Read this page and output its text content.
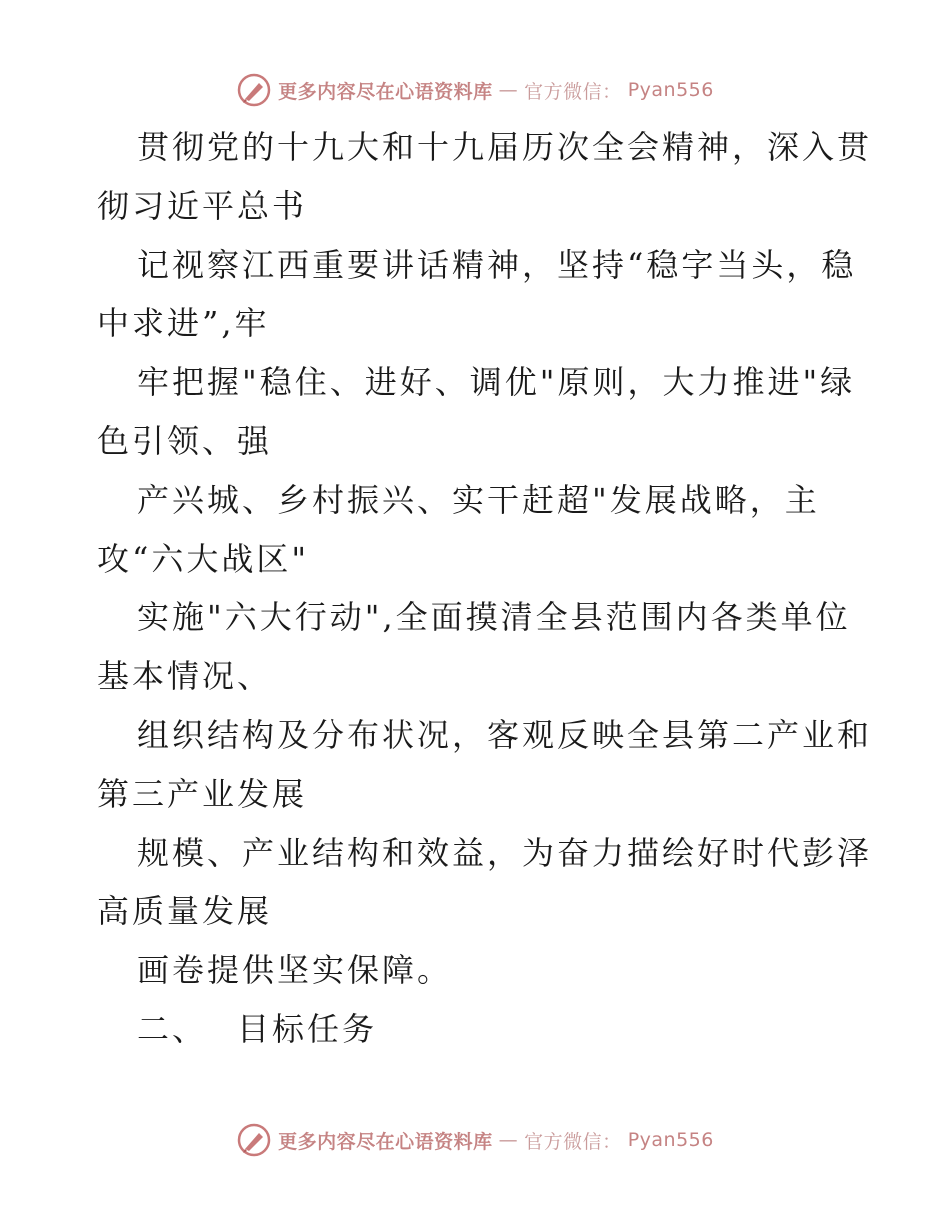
更多内容尽在心语资料库 — 官方微信： Pyan556
贯彻党的十九大和十九届历次全会精神，深入贯
彻习近平总书
记视察江西重要讲话精神，坚持“稳字当头，稳
中求进”,牢
牢把握"稳住、进好、调优"原则，大力推进"绿
色引领、强
产兴城、乡村振兴、实干赶超"发展战略，主
攻“六大战区"
实施"六大行动",全面摸清全县范围内各类单位
基本情况、
组织结构及分布状况，客观反映全县第二产业和
第三产业发展
规模、产业结构和效益，为奋力描绘好时代彭泽
高质量发展
画卷提供坚实保障。
二、 目标任务
更多内容尽在心语资料库 — 官方微信： Pyan556
